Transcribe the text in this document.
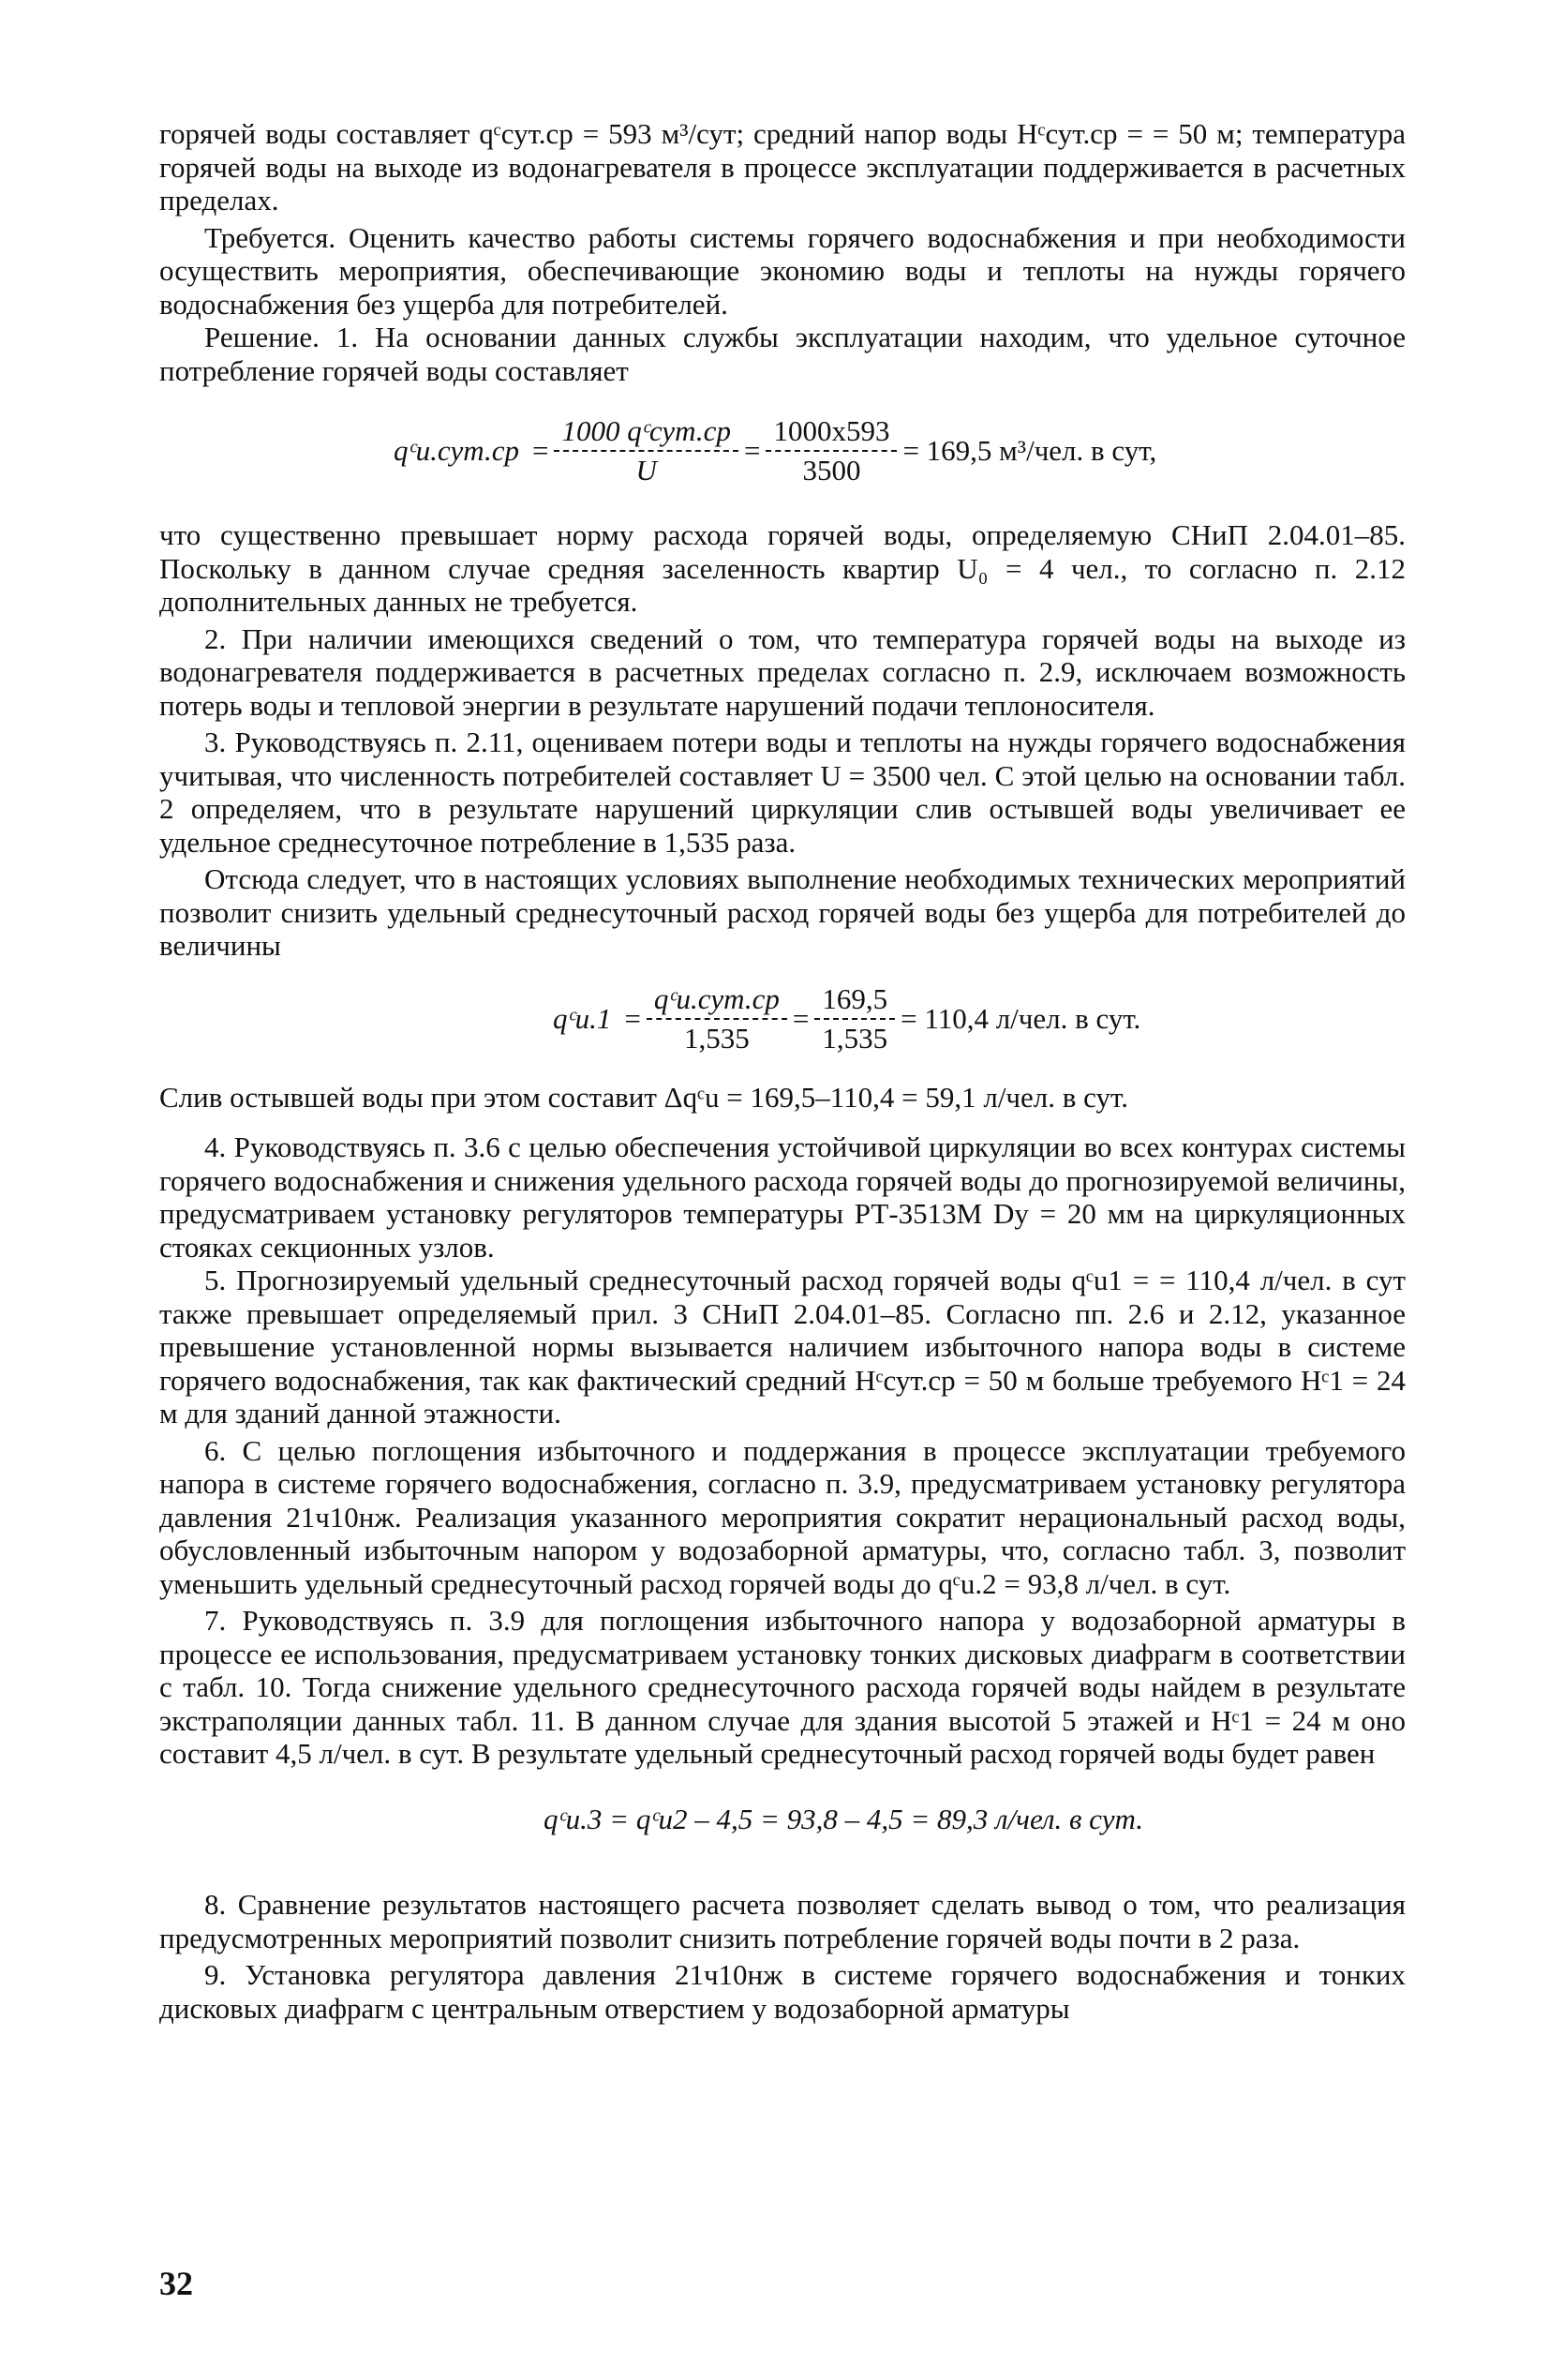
горячей воды составляет qᶜсут.ср = 593 м³/сут; средний напор воды Hᶜсут.ср = = 50 м; температура горячей воды на выходе из водонагревателя в процессе эксплуатации поддерживается в расчетных пределах.

Требуется. Оценить качество работы системы горячего водоснабжения и при необходимости осуществить мероприятия, обеспечивающие экономию воды и теплоты на нужды горячего водоснабжения без ущерба для потребителей.

Решение. 1. На основании данных службы эксплуатации находим, что удельное суточное потребление горячей воды составляет

qᶜu.сут.ср = $\frac{\text{1000 qᶜсут.ср}}{U} = \frac{1000x593}{3500} = 169,5$ м³/чел. в сут,

что существенно превышает норму расхода горячей воды, определяемую СНиП 2.04.01–85. Поскольку в данном случае средняя заселенность квартир U₀ = 4 чел., то согласно п. 2.12 дополнительных данных не требуется.

2. При наличии имеющихся сведений о том, что температура горячей воды на выходе из водонагревателя поддерживается в расчетных пределах согласно п. 2.9, исключаем возможность потерь воды и тепловой энергии в результате нарушений подачи теплоносителя.

3. Руководствуясь п. 2.11, оцениваем потери воды и теплоты на нужды горячего водоснабжения учитывая, что численность потребителей составляет U = 3500 чел. С этой целью на основании табл. 2 определяем, что в результате нарушений циркуляции слив остывшей воды увеличивает ее удельное среднесуточное потребление в 1,535 раза.

Отсюда следует, что в настоящих условиях выполнение необходимых технических мероприятий позволит снизить удельный среднесуточный расход горячей воды без ущерба для потребителей до величины

qᶜu.1 = $\frac{\text{qᶜu.сут.ср}}{1,535} = \frac{169,5}{1,535} = 110,4$ л/чел. в сут.

Слив остывшей воды при этом составит Δqᶜu = 169,5–110,4 = 59,1 л/чел. в сут.

4. Руководствуясь п. 3.6 с целью обеспечения устойчивой циркуляции во всех контурах системы горячего водоснабжения и снижения удельного расхода горячей воды до прогнозируемой величины, предусматриваем установку регуляторов температуры РТ-3513М Dу = 20 мм на циркуляционных стояках секционных узлов.

5. Прогнозируемый удельный среднесуточный расход горячей воды qᶜu1 = = 110,4 л/чел. в сут также превышает определяемый прил. 3 СНиП 2.04.01–85. Согласно пп. 2.6 и 2.12, указанное превышение установленной нормы вызывается наличием избыточного напора воды в системе горячего водоснабжения, так как фактический средний Hᶜсут.ср = 50 м больше требуемого Hᶜ1 = 24 м для зданий данной этажности.

6. С целью поглощения избыточного и поддержания в процессе эксплуатации требуемого напора в системе горячего водоснабжения, согласно п. 3.9, предусматриваем установку регулятора давления 21ч10нж. Реализация указанного мероприятия сократит нерациональный расход воды, обусловленный избыточным напором у водозаборной арматуры, что, согласно табл. 3, позволит уменьшить удельный среднесуточный расход горячей воды до qᶜu.2 = 93,8 л/чел. в сут.

7. Руководствуясь п. 3.9 для поглощения избыточного напора у водозаборной арматуры в процессе ее использования, предусматриваем установку тонких дисковых диафрагм в соответствии с табл. 10. Тогда снижение удельного среднесуточного расхода горячей воды найдем в результате экстраполяции данных табл. 11. В данном случае для здания высотой 5 этажей и Hᶜ1 = 24 м оно составит 4,5 л/чел. в сут. В результате удельный среднесуточный расход горячей воды будет равен

qᶜu.3 = qᶜu2 – 4,5 = 93,8 – 4,5 = 89,3 л/чел. в сут.

8. Сравнение результатов настоящего расчета позволяет сделать вывод о том, что реализация предусмотренных мероприятий позволит снизить потребление горячей воды почти в 2 раза.

9. Установка регулятора давления 21ч10нж в системе горячего водоснабжения и тонких дисковых диафрагм с центральным отверстием у водозаборной арматуры

32
